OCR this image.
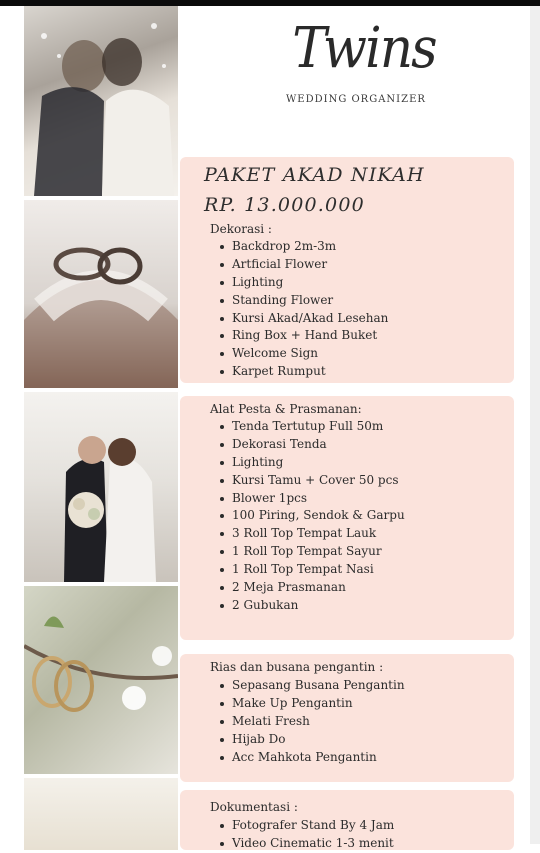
Twins
WEDDING ORGANIZER
PAKET AKAD NIKAH
RP. 13.000.000
Dekorasi :
Backdrop 2m-3m
Artficial Flower
Lighting
Standing Flower
Kursi Akad/Akad Lesehan
Ring Box + Hand Buket
Welcome Sign
Karpet Rumput
Alat Pesta & Prasmanan:
Tenda Tertutup Full 50m
Dekorasi Tenda
Lighting
Kursi Tamu + Cover 50 pcs
Blower 1pcs
100 Piring, Sendok & Garpu
3 Roll Top Tempat Lauk
1 Roll Top Tempat Sayur
1 Roll Top Tempat Nasi
2 Meja Prasmanan
2 Gubukan
Rias dan busana pengantin :
Sepasang Busana Pengantin
Make Up Pengantin
Melati Fresh
Hijab Do
Acc Mahkota Pengantin
Dokumentasi :
Fotografer Stand By 4 Jam
Video Cinematic 1-3 menit
